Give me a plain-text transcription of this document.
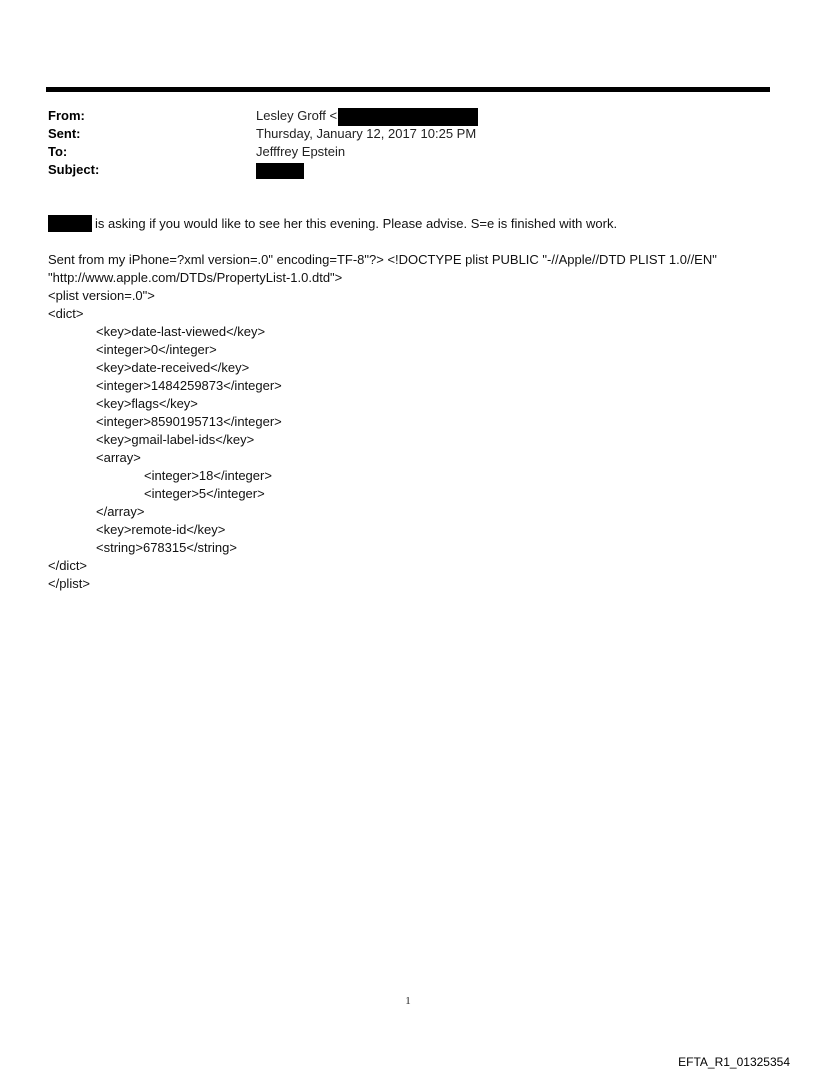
From:	Lesley Groff <
Sent:	Thursday, January 12, 2017 10:25 PM
To:	Jefffrey Epstein
Subject:
is asking if you would like to see her this evening. Please advise. S=e is finished with work.
Sent from my iPhone=?xml version=.0" encoding=TF-8"?> <!DOCTYPE plist PUBLIC "-//Apple//DTD PLIST 1.0//EN"
"http://www.apple.com/DTDs/PropertyList-1.0.dtd">
<plist version=.0">
<dict>
<key>date-last-viewed</key>
<integer>0</integer>
<key>date-received</key>
<integer>1484259873</integer>
<key>flags</key>
<integer>8590195713</integer>
<key>gmail-label-ids</key>
<array>
<integer>18</integer>
<integer>5</integer>
</array>
<key>remote-id</key>
<string>678315</string>
</dict>
</plist>
1
EFTA_R1_01325354
